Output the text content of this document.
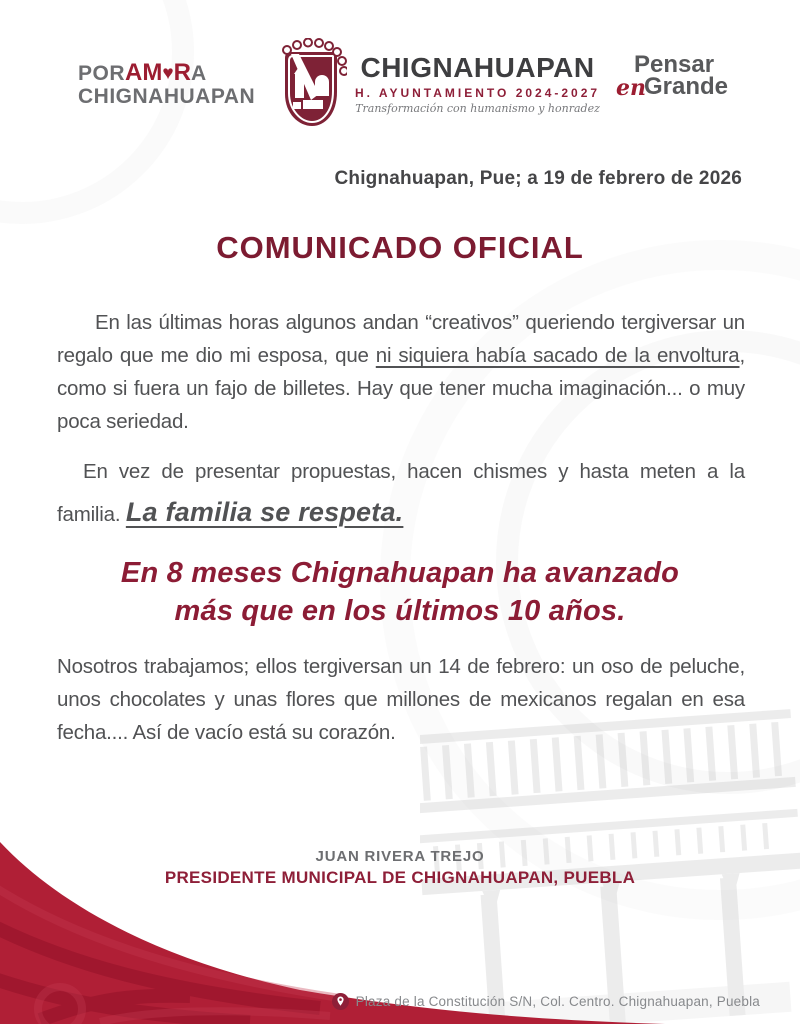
PORAM♥RA
CHIGNAHUAPAN
CHIGNAHUAPAN
H. AYUNTAMIENTO 2024-2027
Transformación con humanismo y honradez
Pensar
en
Grande
Chignahuapan, Pue; a 19 de febrero de 2026
COMUNICADO OFICIAL
En las últimas horas algunos andan “creativos” queriendo tergiversar un regalo que me dio mi esposa, que ni siquiera había sacado de la envoltura, como si fuera un fajo de billetes. Hay que tener mucha imaginación... o muy poca seriedad.
En vez de presentar propuestas, hacen chismes y hasta meten a la familia. La familia se respeta.
En 8 meses Chignahuapan ha avanzado
más que en los últimos 10 años.
Nosotros trabajamos; ellos tergiversan un 14 de febrero: un oso de peluche, unos chocolates y unas flores que millones de mexicanos regalan en esa fecha.... Así de vacío está su corazón.
JUAN RIVERA TREJO
PRESIDENTE MUNICIPAL DE CHIGNAHUAPAN, PUEBLA
Plaza de la Constitución S/N, Col. Centro. Chignahuapan, Puebla
